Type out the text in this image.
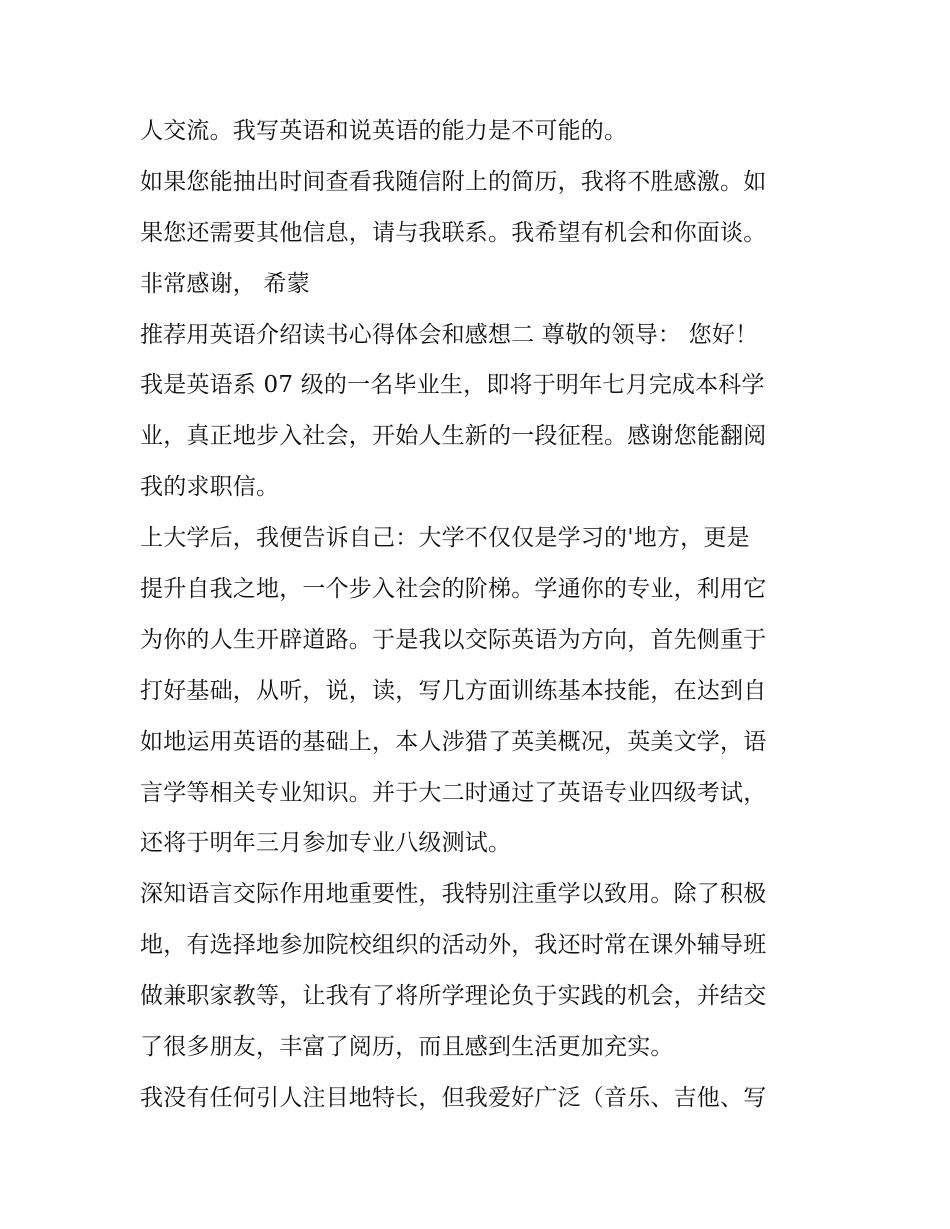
人交流。我写英语和说英语的能力是不可能的。
如果您能抽出时间查看我随信附上的简历，我将不胜感激。如
果您还需要其他信息，请与我联系。我希望有机会和你面谈。
非常感谢， 希蒙
推荐用英语介绍读书心得体会和感想二 尊敬的领导： 您好！
我是英语系 07 级的一名毕业生，即将于明年七月完成本科学
业，真正地步入社会，开始人生新的一段征程。感谢您能翻阅
我的求职信。
上大学后，我便告诉自己：大学不仅仅是学习的'地方，更是
提升自我之地，一个步入社会的阶梯。学通你的专业，利用它
为你的人生开辟道路。于是我以交际英语为方向，首先侧重于
打好基础，从听，说，读，写几方面训练基本技能，在达到自
如地运用英语的基础上，本人涉猎了英美概况，英美文学，语
言学等相关专业知识。并于大二时通过了英语专业四级考试，
还将于明年三月参加专业八级测试。
深知语言交际作用地重要性，我特别注重学以致用。除了积极
地，有选择地参加院校组织的活动外，我还时常在课外辅导班
做兼职家教等，让我有了将所学理论负于实践的机会，并结交
了很多朋友，丰富了阅历，而且感到生活更加充实。
我没有任何引人注目地特长，但我爱好广泛（音乐、吉他、写
